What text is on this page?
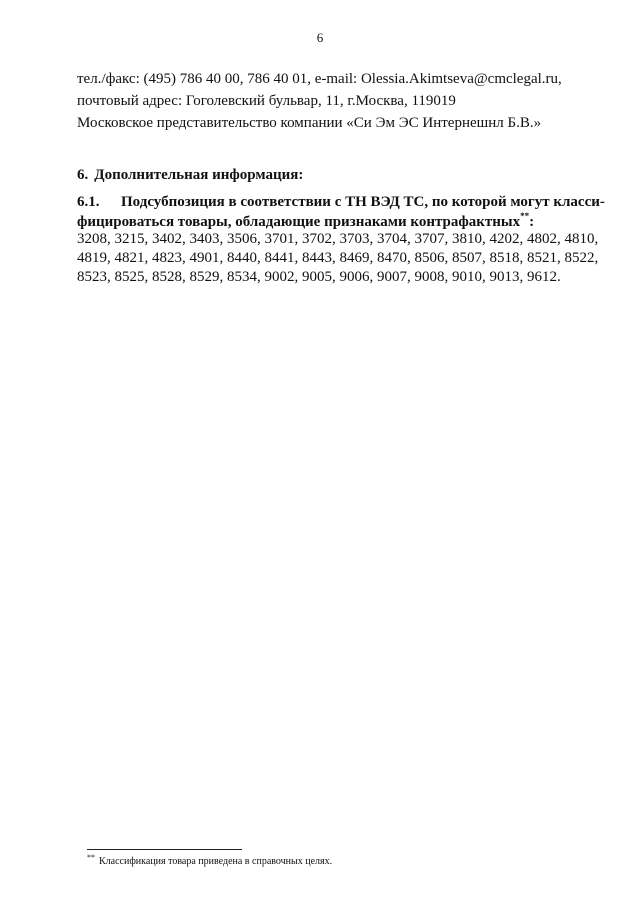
6
тел./факс: (495) 786 40 00, 786 40 01, e-mail: Olessia.Akimtseva@cmclegal.ru,
почтовый адрес: Гоголевский бульвар, 11, г.Москва, 119019
Московское представительство компании «Си Эм ЭС Интернешнл Б.В.»
6. Дополнительная информация:
6.1. Подсубпозиция в соответствии с ТН ВЭД ТС, по которой могут класси-
фицироваться товары, обладающие признаками контрафактных**:
3208, 3215, 3402, 3403, 3506, 3701, 3702, 3703, 3704, 3707, 3810, 4202, 4802, 4810,
4819, 4821, 4823, 4901, 8440, 8441, 8443, 8469, 8470, 8506, 8507, 8518, 8521, 8522,
8523, 8525, 8528, 8529, 8534, 9002, 9005, 9006, 9007, 9008, 9010, 9013, 9612.
** Классификация товара приведена в справочных целях.
